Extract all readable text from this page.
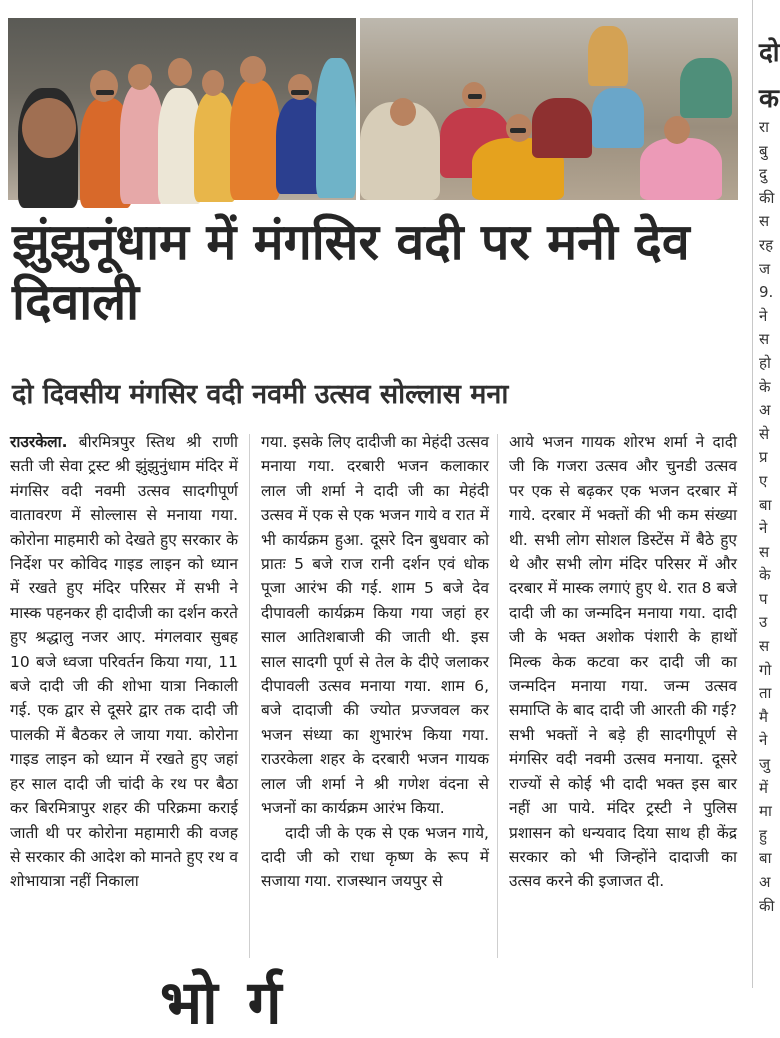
दो
क
रा
बु
दु
की
स
रह
ज
9.
ने
स
हो
के
अ
से
प्र
ए
बा
ने
स
के
प
उ
स
गो
ता
मै
ने
जु
में
मा
हु
बा
अ
की
झुंझुनूंधाम में मंगसिर वदी पर मनी देव दिवाली
दो दिवसीय मंगसिर वदी नवमी उत्सव सोल्लास मना

राउरकेला. बीरमित्रपुर स्तिथ श्री राणी सती जी सेवा ट्रस्ट श्री झुंझुनुंधाम मंदिर में मंगसिर वदी नवमी उत्सव सादगीपूर्ण वातावरण में सोल्लास से मनाया गया. कोरोना माहमारी को देखते हुए सरकार के निर्देश पर कोविद गाइड लाइन को ध्यान में रखते हुए मंदिर परिसर में सभी ने मास्क पहनकर ही दादीजी का दर्शन करते हुए श्रद्धालु नजर आए. मंगलवार सुबह 10 बजे ध्वजा परिवर्तन किया गया, 11 बजे दादी जी की शोभा यात्रा निकाली गई. एक द्वार से दूसरे द्वार तक दादी जी पालकी में बैठकर ले जाया गया. कोरोना गाइड लाइन को ध्यान में रखते हुए जहां हर साल दादी जी चांदी के रथ पर बैठा कर बिरमित्रापुर शहर की परिक्रमा कराई जाती थी पर कोरोना महामारी की वजह से सरकार की आदेश को मानते हुए रथ व शोभायात्रा नहीं निकाला

गया. इसके लिए दादीजी का मेहंदी उत्सव मनाया गया. दरबारी भजन कलाकार लाल जी शर्मा ने दादी जी का मेहंदी उत्सव में एक से एक भजन गाये व रात में भी कार्यक्रम हुआ. दूसरे दिन बुधवार को प्रातः 5 बजे राज रानी दर्शन एवं धोक पूजा आरंभ की गई. शाम 5 बजे देव दीपावली कार्यक्रम किया गया जहां हर साल आतिशबाजी की जाती थी. इस साल सादगी पूर्ण से तेल के दीऐ जलाकर दीपावली उत्सव मनाया गया. शाम 6, बजे दादाजी की ज्योत प्रज्जवल कर भजन संध्या का शुभारंभ किया गया. राउरकेला शहर के दरबारी भजन गायक लाल जी शर्मा ने श्री गणेश वंदना से भजनों का कार्यक्रम आरंभ किया.

दादी जी के एक से एक भजन गाये, दादी जी को राधा कृष्ण के रूप में सजाया गया. राजस्थान जयपुर से

आये भजन गायक शोरभ शर्मा ने दादी जी कि गजरा उत्सव और चुनडी उत्सव पर एक से बढ़कर एक भजन दरबार में गाये. दरबार में भक्तों की भी कम संख्या थी. सभी लोग सोशल डिस्टेंस में बैठे हुए थे और सभी लोग मंदिर परिसर में और दरबार में मास्क लगाएं हुए थे. रात 8 बजे दादी जी का जन्मदिन मनाया गया. दादी जी के भक्त अशोक पंशारी के हाथों मिल्क केक कटवा कर दादी जी का जन्मदिन मनाया गया. जन्म उत्सव समाप्ति के बाद दादी जी आरती की गई? सभी भक्तों ने बड़े ही सादगीपूर्ण से मंगसिर वदी नवमी उत्सव मनाया. दूसरे राज्यों से कोई भी दादी भक्त इस बार नहीं आ पाये. मंदिर ट्रस्टी ने पुलिस प्रशासन को धन्यवाद दिया साथ ही केंद्र सरकार को भी जिन्होंने दादाजी का उत्सव करने की इजाजत दी.

भोर्ग
